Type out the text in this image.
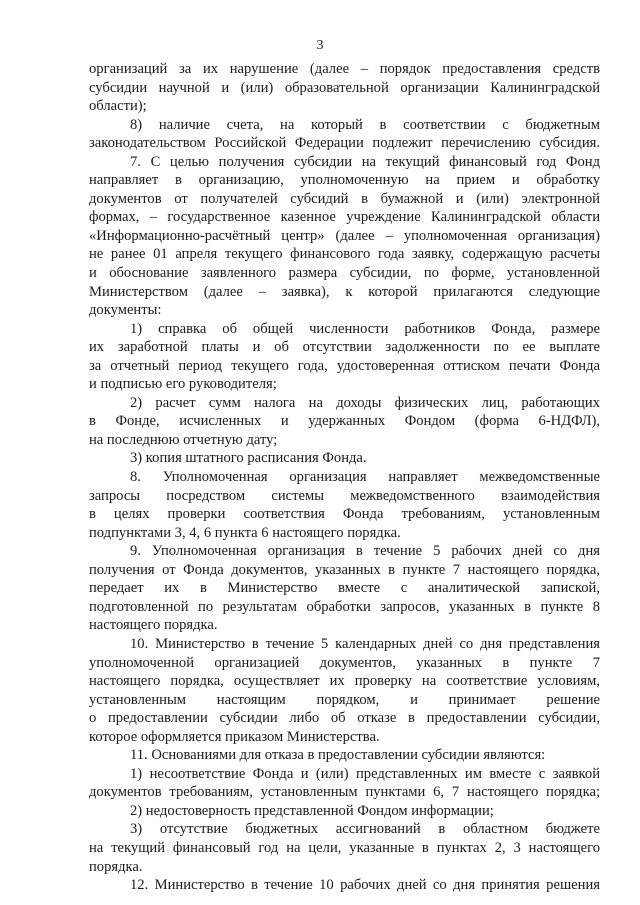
3
организаций за их нарушение (далее – порядок предоставления средств
субсидии научной и (или) образовательной организации Калининградской
области);
8) наличие счета, на который в соответствии с бюджетным
законодательством Российской Федерации подлежит перечислению субсидия.
7. С целью получения субсидии на текущий финансовый год Фонд
направляет в организацию, уполномоченную на прием и обработку
документов от получателей субсидий в бумажной и (или) электронной
формах, – государственное казенное учреждение Калининградской области
«Информационно-расчётный центр» (далее – уполномоченная организация)
не ранее 01 апреля текущего финансового года заявку, содержащую расчеты
и обоснование заявленного размера субсидии, по форме, установленной
Министерством (далее – заявка), к которой прилагаются следующие
документы:
1) справка об общей численности работников Фонда, размере
их заработной платы и об отсутствии задолженности по ее выплате
за отчетный период текущего года, удостоверенная оттиском печати Фонда
и подписью его руководителя;
2) расчет сумм налога на доходы физических лиц, работающих
в Фонде, исчисленных и удержанных Фондом (форма 6-НДФЛ),
на последнюю отчетную дату;
3) копия штатного расписания Фонда.
8. Уполномоченная организация направляет межведомственные
запросы посредством системы межведомственного взаимодействия
в целях проверки соответствия Фонда требованиям, установленным
подпунктами 3, 4, 6 пункта 6 настоящего порядка.
9. Уполномоченная организация в течение 5 рабочих дней со дня
получения от Фонда документов, указанных в пункте 7 настоящего порядка,
передает их в Министерство вместе с аналитической запиской,
подготовленной по результатам обработки запросов, указанных в пункте 8
настоящего порядка.
10. Министерство в течение 5 календарных дней со дня представления
уполномоченной организацией документов, указанных в пункте 7
настоящего порядка, осуществляет их проверку на соответствие условиям,
установленным настоящим порядком, и принимает решение
о предоставлении субсидии либо об отказе в предоставлении субсидии,
которое оформляется приказом Министерства.
11. Основаниями для отказа в предоставлении субсидии являются:
1) несоответствие Фонда и (или) представленных им вместе с заявкой
документов требованиям, установленным пунктами 6, 7 настоящего порядка;
2) недостоверность представленной Фондом информации;
3) отсутствие бюджетных ассигнований в областном бюджете
на текущий финансовый год на цели, указанные в пунктах 2, 3 настоящего
порядка.
12. Министерство в течение 10 рабочих дней со дня принятия решения
